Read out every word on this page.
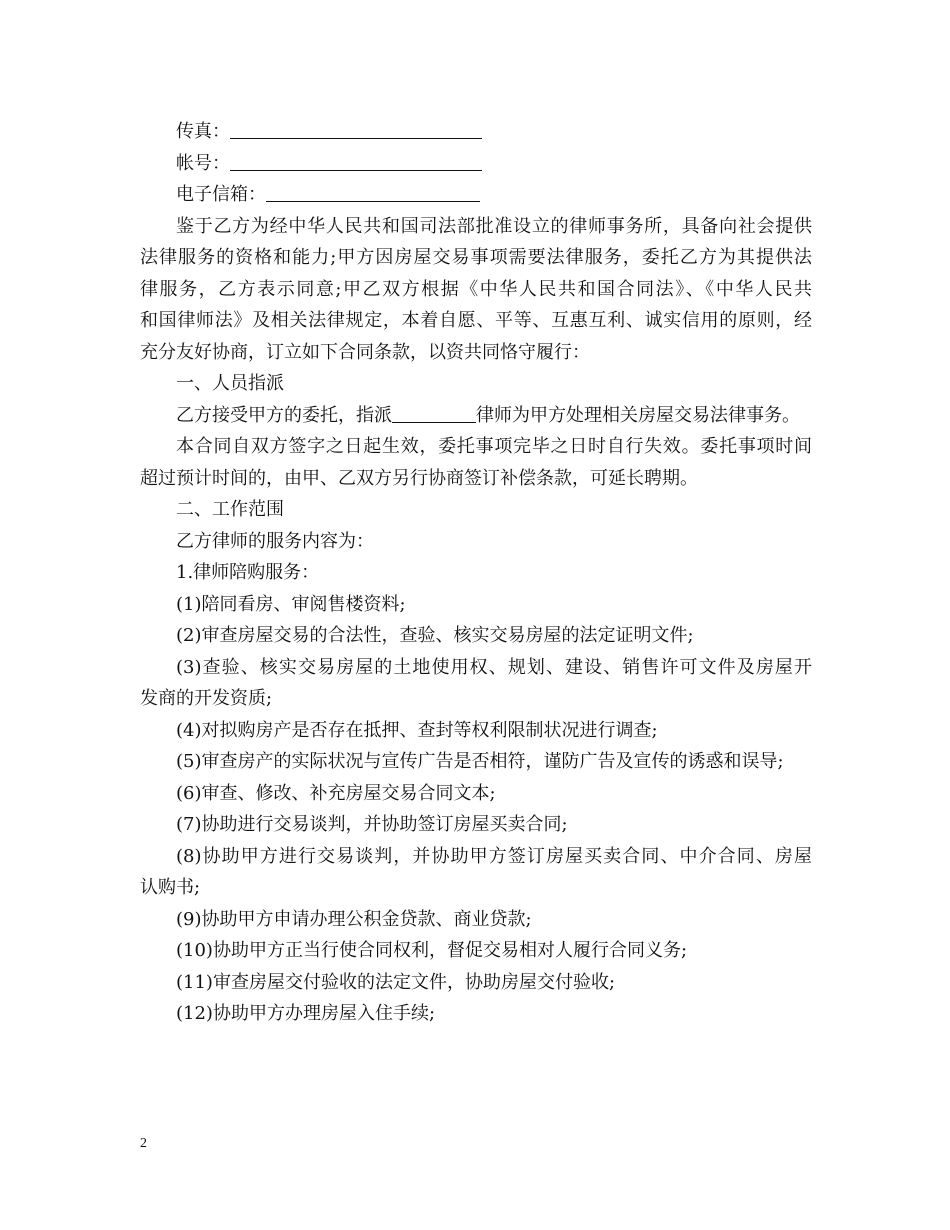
传真：
帐号：
电子信箱：
鉴于乙方为经中华人民共和国司法部批准设立的律师事务所，具备向社会提供
法律服务的资格和能力;甲方因房屋交易事项需要法律服务，委托乙方为其提供法
律服务，乙方表示同意;甲乙双方根据《中华人民共和国合同法》、《中华人民共
和国律师法》及相关法律规定，本着自愿、平等、互惠互利、诚实信用的原则，经
充分友好协商，订立如下合同条款，以资共同恪守履行：
一、人员指派
乙方接受甲方的委托，指派	律师为甲方处理相关房屋交易法律事务。
本合同自双方签字之日起生效，委托事项完毕之日时自行失效。委托事项时间
超过预计时间的，由甲、乙双方另行协商签订补偿条款，可延长聘期。
二、工作范围
乙方律师的服务内容为：
1.律师陪购服务：
(1)陪同看房、审阅售楼资料;
(2)审查房屋交易的合法性，查验、核实交易房屋的法定证明文件;
(3)查验、核实交易房屋的土地使用权、规划、建设、销售许可文件及房屋开
发商的开发资质;
(4)对拟购房产是否存在抵押、查封等权利限制状况进行调查;
(5)审查房产的实际状况与宣传广告是否相符，谨防广告及宣传的诱惑和误导;
(6)审查、修改、补充房屋交易合同文本;
(7)协助进行交易谈判，并协助签订房屋买卖合同;
(8)协助甲方进行交易谈判，并协助甲方签订房屋买卖合同、中介合同、房屋
认购书;
(9)协助甲方申请办理公积金贷款、商业贷款;
(10)协助甲方正当行使合同权利，督促交易相对人履行合同义务;
(11)审查房屋交付验收的法定文件，协助房屋交付验收;
(12)协助甲方办理房屋入住手续;
2
